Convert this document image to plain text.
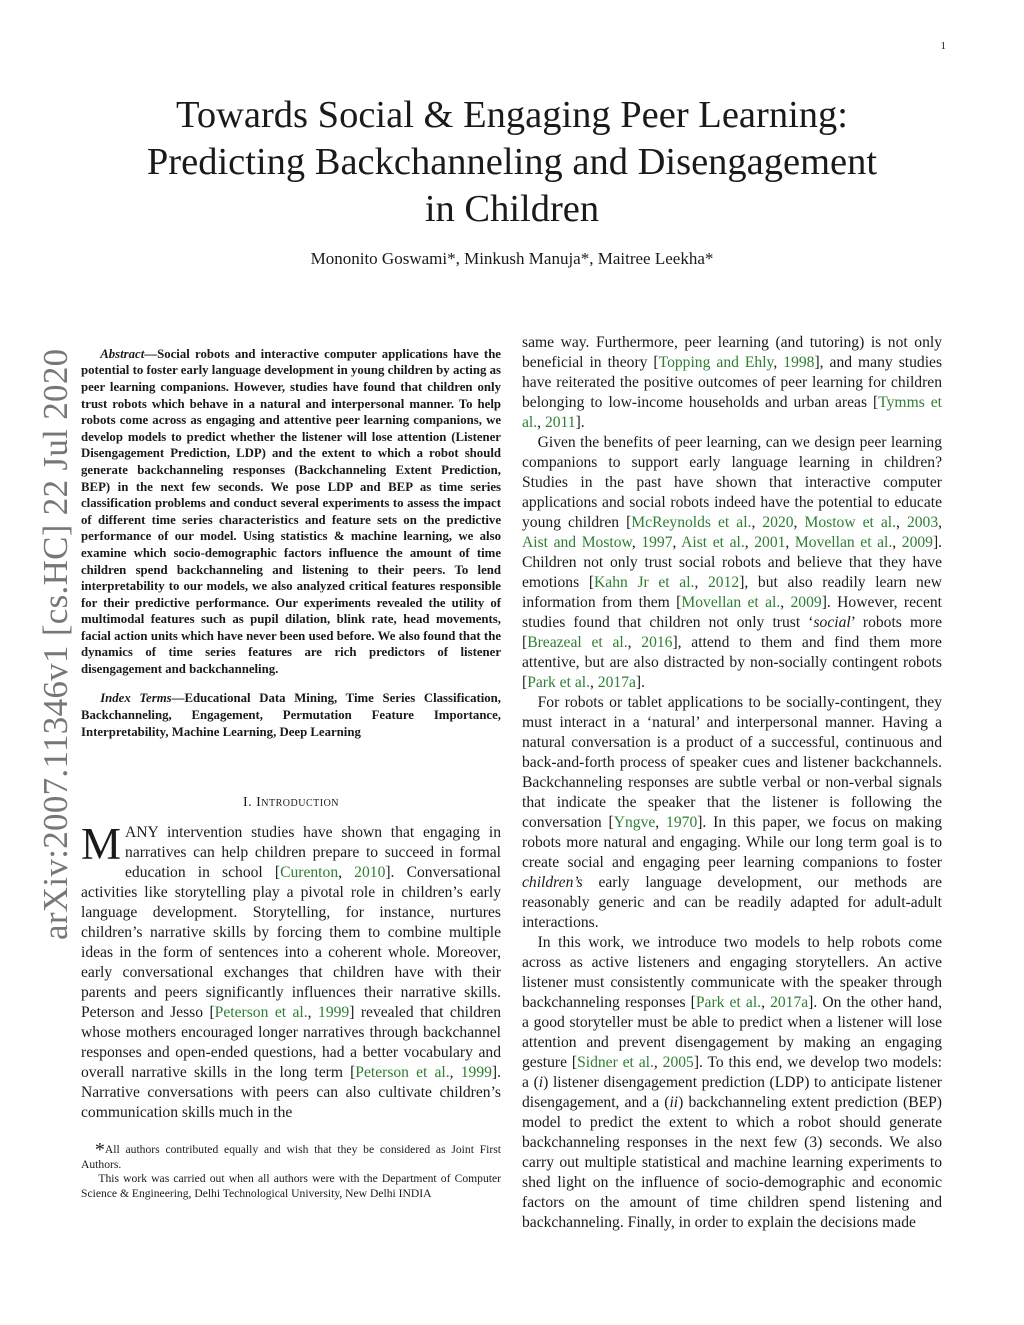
1
arXiv:2007.11346v1 [cs.HC] 22 Jul 2020
Towards Social & Engaging Peer Learning:
Predicting Backchanneling and Disengagement
in Children
Mononito Goswami*, Minkush Manuja*, Maitree Leekha*

Abstract—Social robots and interactive computer applications have the potential to foster early language development in young children by acting as peer learning companions. However, studies have found that children only trust robots which behave in a natural and interpersonal manner. To help robots come across as engaging and attentive peer learning companions, we develop models to predict whether the listener will lose attention (Listener Disengagement Prediction, LDP) and the extent to which a robot should generate backchanneling responses (Backchanneling Extent Prediction, BEP) in the next few seconds. We pose LDP and BEP as time series classification problems and conduct several experiments to assess the impact of different time series characteristics and feature sets on the predictive performance of our model. Using statistics & machine learning, we also examine which socio-demographic factors influence the amount of time children spend backchanneling and listening to their peers. To lend interpretability to our models, we also analyzed critical features responsible for their predictive performance. Our experiments revealed the utility of multimodal features such as pupil dilation, blink rate, head movements, facial action units which have never been used before. We also found that the dynamics of time series features are rich predictors of listener disengagement and backchanneling.

Index Terms—Educational Data Mining, Time Series Classification, Backchanneling, Engagement, Permutation Feature Importance, Interpretability, Machine Learning, Deep Learning

I. Introduction

MANY intervention studies have shown that engaging in narratives can help children prepare to succeed in formal education in school [Curenton, 2010]. Conversational activities like storytelling play a pivotal role in children’s early language development. Storytelling, for instance, nurtures children’s narrative skills by forcing them to combine multiple ideas in the form of sentences into a coherent whole. Moreover, early conversational exchanges that children have with their parents and peers significantly influences their narrative skills. Peterson and Jesso [Peterson et al., 1999] revealed that children whose mothers encouraged longer narratives through backchannel responses and open-ended questions, had a better vocabulary and overall narrative skills in the long term [Peterson et al., 1999]. Narrative conversations with peers can also cultivate children’s communication skills much in the

*All authors contributed equally and wish that they be considered as Joint First Authors.

This work was carried out when all authors were with the Department of Computer Science & Engineering, Delhi Technological University, New Delhi INDIA

same way. Furthermore, peer learning (and tutoring) is not only beneficial in theory [Topping and Ehly, 1998], and many studies have reiterated the positive outcomes of peer learning for children belonging to low-income households and urban areas [Tymms et al., 2011].

Given the benefits of peer learning, can we design peer learning companions to support early language learning in children? Studies in the past have shown that interactive computer applications and social robots indeed have the potential to educate young children [McReynolds et al., 2020, Mostow et al., 2003, Aist and Mostow, 1997, Aist et al., 2001, Movellan et al., 2009]. Children not only trust social robots and believe that they have emotions [Kahn Jr et al., 2012], but also readily learn new information from them [Movellan et al., 2009]. However, recent studies found that children not only trust ‘social’ robots more [Breazeal et al., 2016], attend to them and find them more attentive, but are also distracted by non-socially contingent robots [Park et al., 2017a].

For robots or tablet applications to be socially-contingent, they must interact in a ‘natural’ and interpersonal manner. Having a natural conversation is a product of a successful, continuous and back-and-forth process of speaker cues and listener backchannels. Backchanneling responses are subtle verbal or non-verbal signals that indicate the speaker that the listener is following the conversation [Yngve, 1970]. In this paper, we focus on making robots more natural and engaging. While our long term goal is to create social and engaging peer learning companions to foster children’s early language development, our methods are reasonably generic and can be readily adapted for adult-adult interactions.

In this work, we introduce two models to help robots come across as active listeners and engaging storytellers. An active listener must consistently communicate with the speaker through backchanneling responses [Park et al., 2017a]. On the other hand, a good storyteller must be able to predict when a listener will lose attention and prevent disengagement by making an engaging gesture [Sidner et al., 2005]. To this end, we develop two models: a (i) listener disengagement prediction (LDP) to anticipate listener disengagement, and a (ii) backchanneling extent prediction (BEP) model to predict the extent to which a robot should generate backchanneling responses in the next few (3) seconds. We also carry out multiple statistical and machine learning experiments to shed light on the influence of socio-demographic and economic factors on the amount of time children spend listening and backchanneling. Finally, in order to explain the decisions made
